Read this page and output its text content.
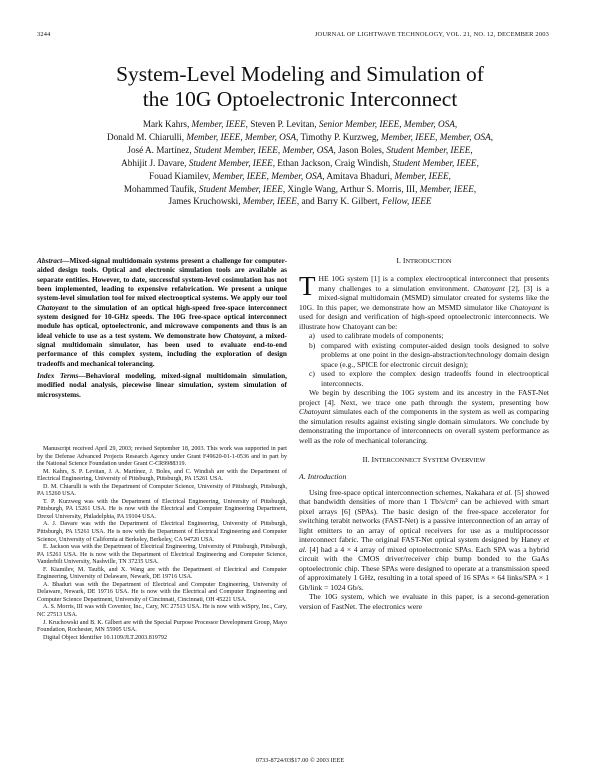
3244	JOURNAL OF LIGHTWAVE TECHNOLOGY, VOL. 21, NO. 12, DECEMBER 2003
System-Level Modeling and Simulation of
the 10G Optoelectronic Interconnect
Mark Kahrs, Member, IEEE, Steven P. Levitan, Senior Member, IEEE, Member, OSA,
Donald M. Chiarulli, Member, IEEE, Member, OSA, Timothy P. Kurzweg, Member, IEEE, Member, OSA,
José A. Martínez, Student Member, IEEE, Member, OSA, Jason Boles, Student Member, IEEE,
Abhijit J. Davare, Student Member, IEEE, Ethan Jackson, Craig Windish, Student Member, IEEE,
Fouad Kiamilev, Member, IEEE, Member, OSA, Amitava Bhaduri, Member, IEEE,
Mohammed Taufik, Student Member, IEEE, Xingle Wang, Arthur S. Morris, III, Member, IEEE,
James Kruchowski, Member, IEEE, and Barry K. Gilbert, Fellow, IEEE
Abstract—Mixed-signal multidomain systems present a challenge for computer-aided design tools. Optical and electronic simulation tools are available as separate entities. However, to date, successful system-level cosimulation has not been implemented, leading to expensive refabrication. We present a unique system-level simulation tool for mixed electrooptical systems. We apply our tool Chatoyant to the simulation of an optical high-speed free-space interconnect system designed for 10-GHz speeds. The 10G free-space optical interconnect module has optical, optoelectronic, and microwave components and thus is an ideal vehicle to use as a test system. We demonstrate how Chatoyant, a mixed-signal multidomain simulator, has been used to evaluate end-to-end performance of this complex system, including the exploration of design tradeoffs and mechanical tolerancing.
Index Terms—Behavioral modeling, mixed-signal multidomain simulation, modified nodal analysis, piecewise linear simulation, system simulation of microsystems.

Manuscript received April 29, 2003; revised September 18, 2003. This work was supported in part by the Defense Advanced Projects Research Agency under Grant F49620-01-1-0536 and in part by the National Science Foundation under Grant C-CR9988319.

M. Kahrs, S. P. Levitan, J. A. Martínez, J. Boles, and C. Windish are with the Department of Electrical Engineering, University of Pittsburgh, Pittsburgh, PA 15261 USA.

D. M. Chiarulli is with the Department of Computer Science, University of Pittsburgh, Pittsburgh, PA 15260 USA.

T. P. Kurzweg was with the Department of Electrical Engineering, University of Pittsburgh, Pittsburgh, PA 15261 USA. He is now with the Electrical and Computer Engineering Department, Drexel University, Philadelphia, PA 19104 USA.

A. J. Davare was with the Department of Electrical Engineering, University of Pittsburgh, Pittsburgh, PA 15261 USA. He is now with the Department of Electrical Engineering and Computer Science, University of California at Berkeley, Berkeley, CA 94720 USA.

E. Jackson was with the Department of Electrical Engineering, University of Pittsburgh, Pittsburgh, PA 15261 USA. He is now with the Department of Electrical Engineering and Computer Science, Vanderbilt University, Nashville, TN 37235 USA.

F. Kiamilev, M. Taufik, and X. Wang are with the Department of Electrical and Computer Engineering, University of Delaware, Newark, DE 19716 USA.

A. Bhaduri was with the Department of Electrical and Computer Engineering, University of Delaware, Newark, DE 19716 USA. He is now with the Electrical and Computer Engineering and Computer Science Department, University of Cincinnati, Cincinnati, OH 45221 USA.

A. S. Morris, III was with Coventor, Inc., Cary, NC 27513 USA. He is now with wiSpry, Inc., Cary, NC 27513 USA.

J. Kruchowski and B. K. Gilbert are with the Special Purpose Processor Development Group, Mayo Foundation, Rochester, MN 55905 USA.

Digital Object Identifier 10.1109/JLT.2003.819792

I. INTRODUCTION

THE 10G system [1] is a complex electrooptical interconnect that presents many challenges to a simulation environment. Chatoyant [2], [3] is a mixed-signal multidomain (MSMD) simulator created for systems like the 10G. In this paper, we demonstrate how an MSMD simulator like Chatoyant is used for design and verification of high-speed optoelectronic interconnects. We illustrate how Chatoyant can be:

a) used to calibrate models of components;
b) compared with existing computer-aided design tools designed to solve problems at one point in the design-abstraction/technology domain design space (e.g., SPICE for electronic circuit design);
c) used to explore the complex design tradeoffs found in electrooptical interconnects.

We begin by describing the 10G system and its ancestry in the FAST-Net project [4]. Next, we trace one path through the system, presenting how Chatoyant simulates each of the components in the system as well as comparing the simulation results against existing single domain simulators. We conclude by demonstrating the importance of interconnects on overall system performance as well as the role of mechanical tolerancing.

II. INTERCONNECT SYSTEM OVERVIEW
A. Introduction

Using free-space optical interconnection schemes, Nakahara et al. [5] showed that bandwidth densities of more than 1 Tb/s/cm² can be achieved with smart pixel arrays [6] (SPAs). The basic design of the free-space accelerator for switching terabit networks (FAST-Net) is a passive interconnection of an array of light emitters to an array of optical receivers for use as a multiprocessor interconnect fabric. The original FAST-Net optical system designed by Haney et al. [4] had a 4 × 4 array of mixed optoelectronic SPAs. Each SPA was a hybrid circuit with the CMOS driver/receiver chip bump bonded to the GaAs optoelectronic chip. These SPAs were designed to operate at a transmission speed of approximately 1 GHz, resulting in a total speed of 16 SPAs × 64 links/SPA × 1 Gb/link = 1024 Gb/s.

The 10G system, which we evaluate in this paper, is a second-generation version of FastNet. The electronics were

0733-8724/03$17.00 © 2003 IEEE
